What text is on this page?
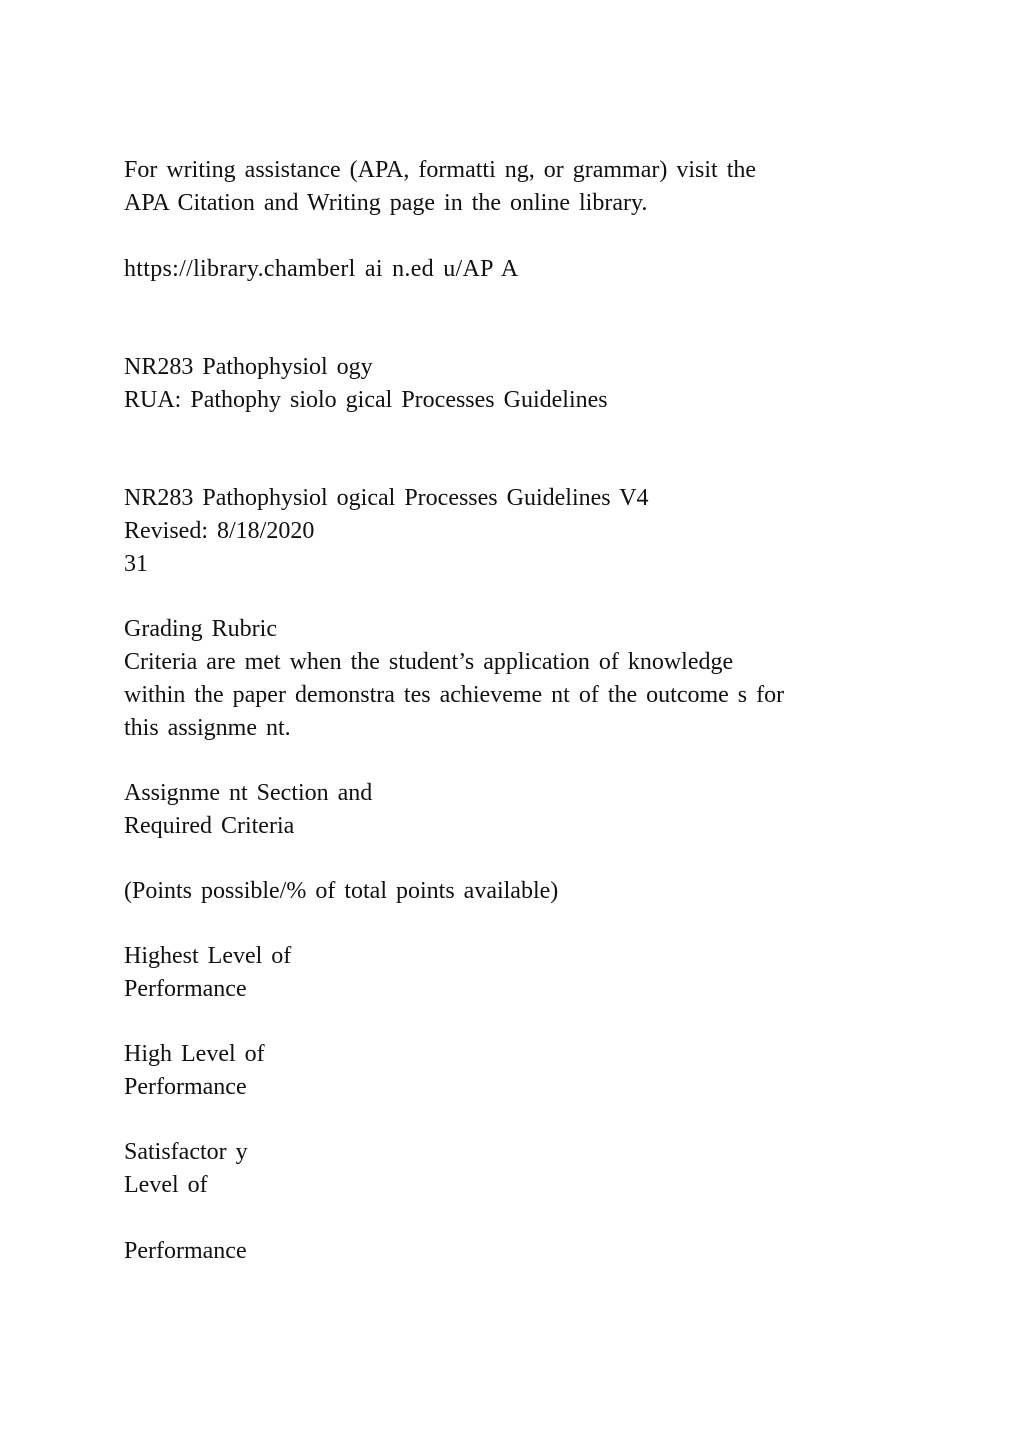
For writing assistance (APA, formatti ng, or grammar) visit the
APA Citation and Writing page in the online library.
https://library.chamberl ai n.ed u/AP A
NR283 Pathophysiol ogy
RUA: Pathophy siolo gical Processes Guidelines
NR283 Pathophysiol ogical Processes Guidelines V4
Revised: 8/18/2020
31
Grading Rubric
Criteria are met when the student’s application of knowledge
within the paper demonstra tes achieveme nt of the outcome s for
this assignme nt.
Assignme nt Section and
Required Criteria
(Points possible/% of total points available)
Highest Level of
Performance
High Level of
Performance
Satisfactor y
Level of
Performance
